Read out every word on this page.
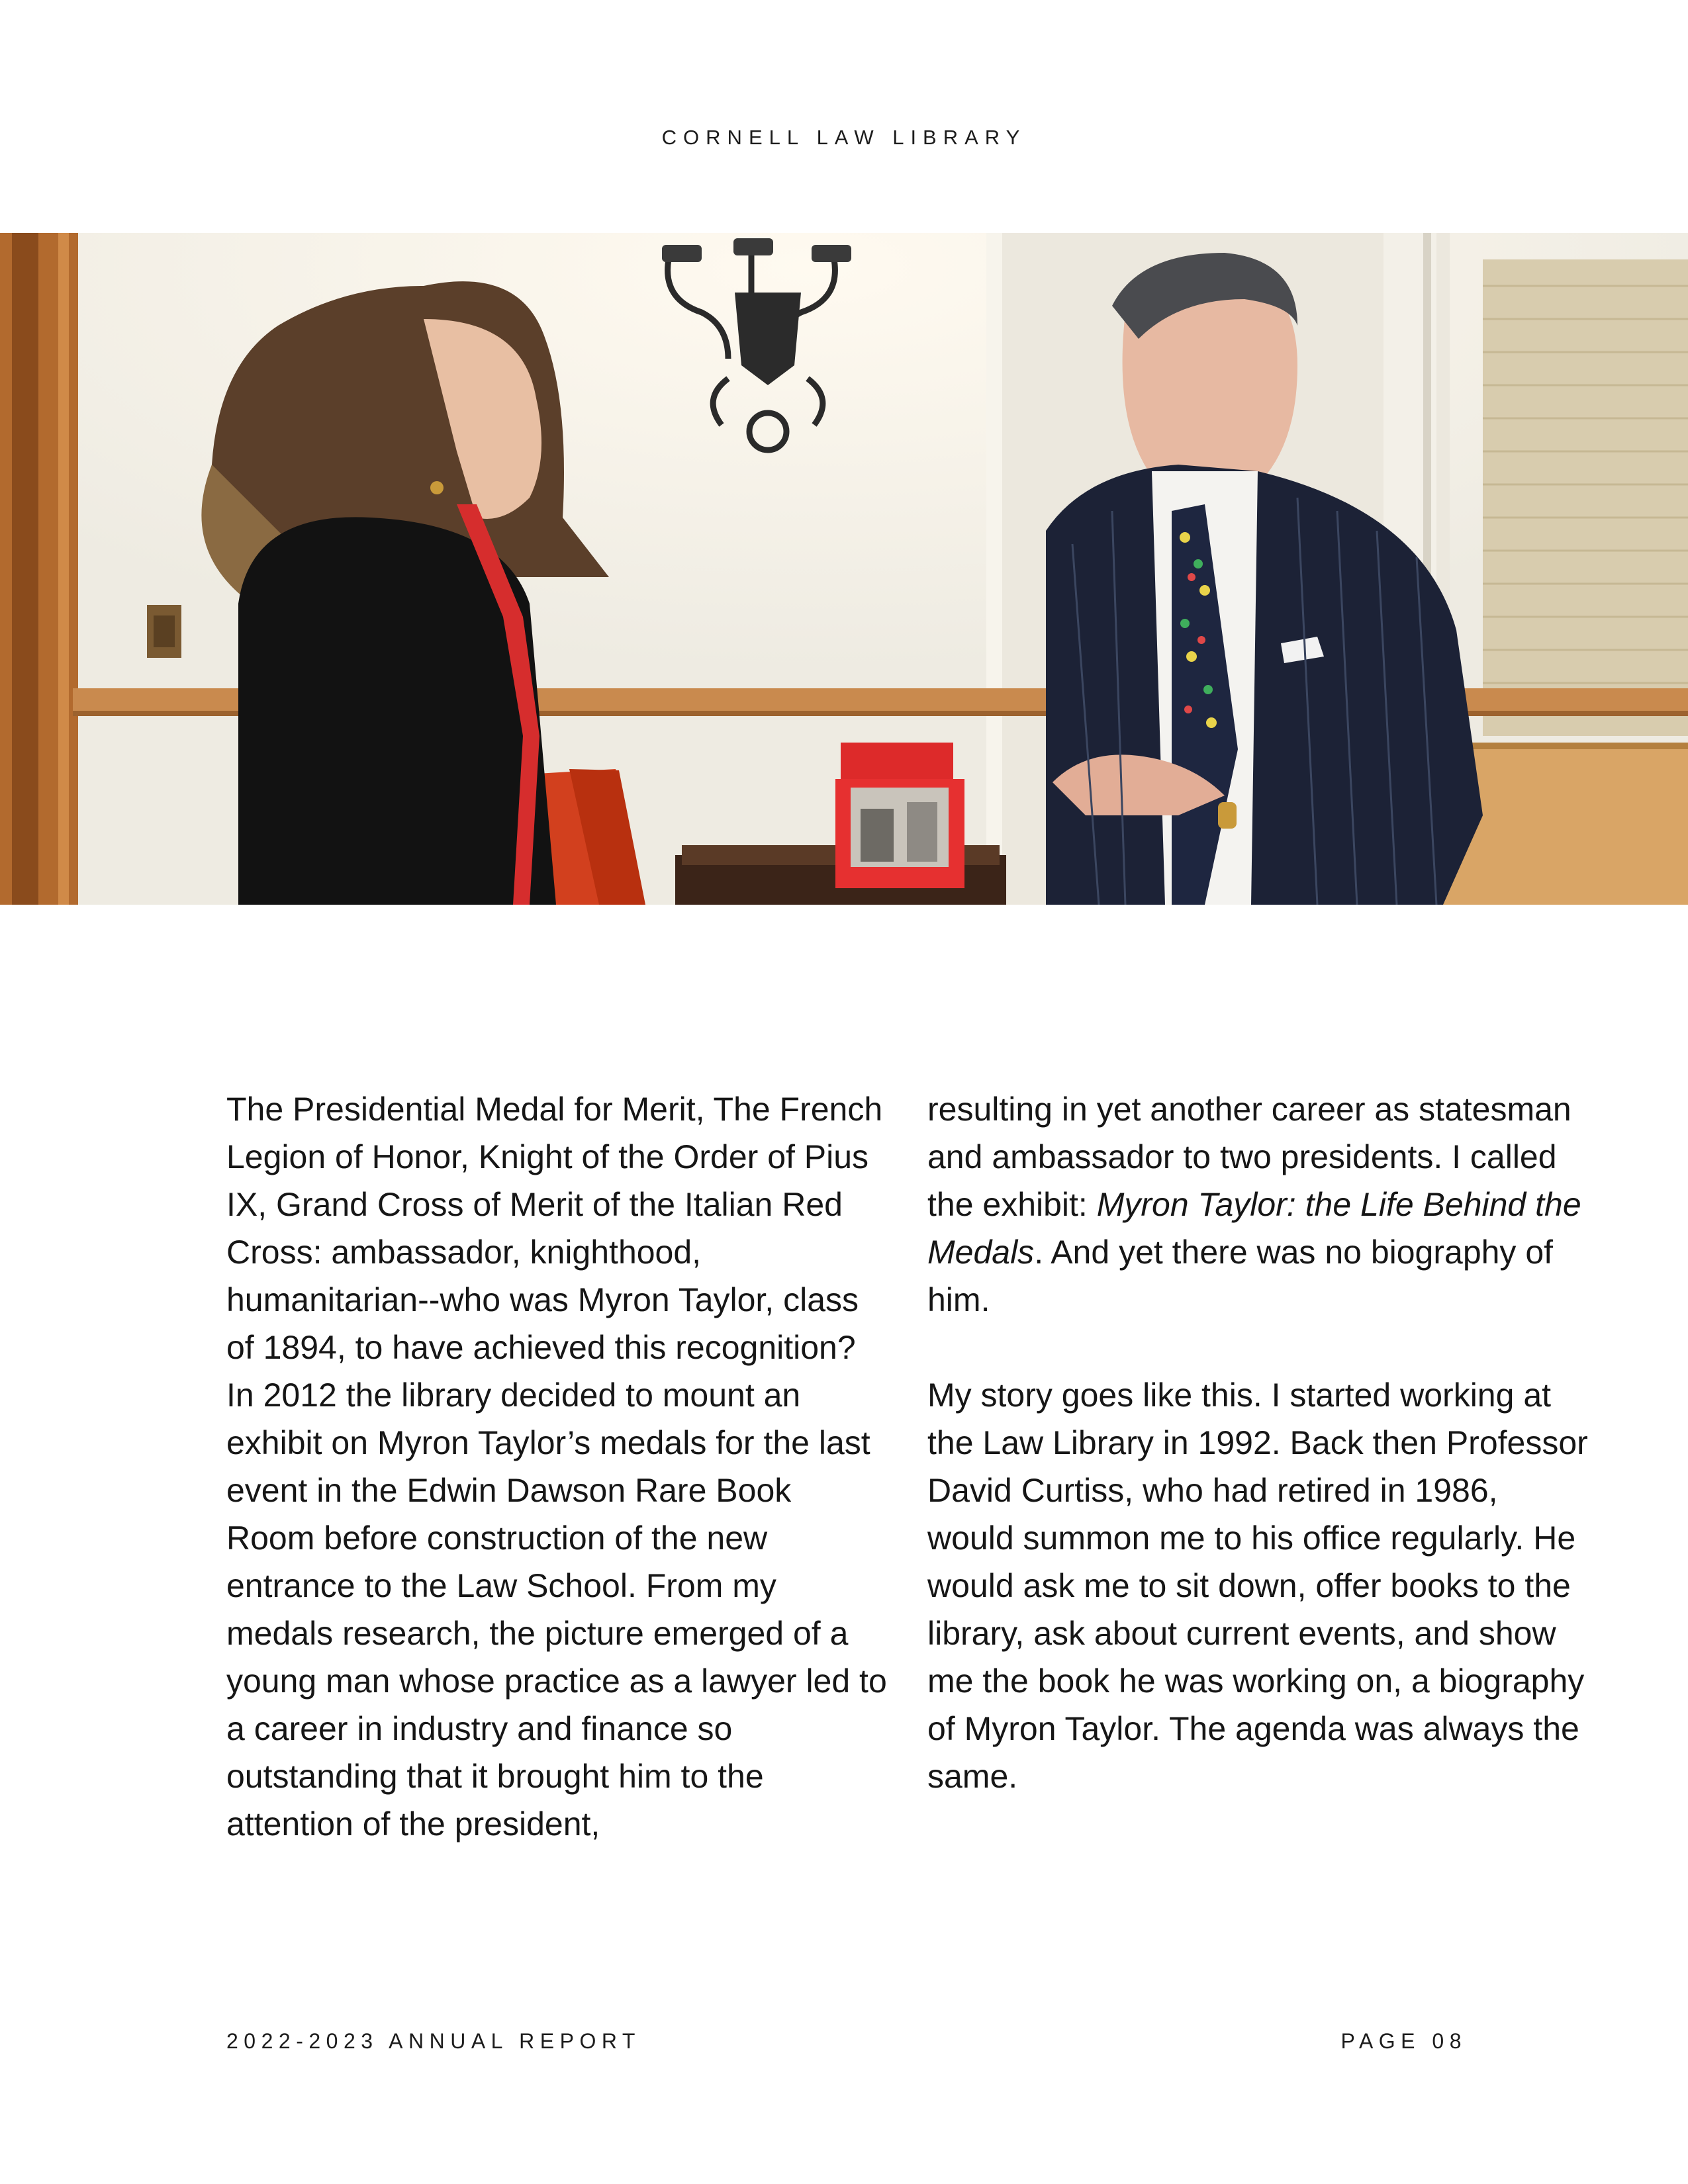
CORNELL LAW LIBRARY

The Presidential Medal for Merit, The French Legion of Honor, Knight of the Order of Pius IX, Grand Cross of Merit of the Italian Red Cross: ambassador, knighthood, humanitarian--who was Myron Taylor, class of 1894, to have achieved this recognition? In 2012 the library decided to mount an exhibit on Myron Taylor’s medals for the last event in the Edwin Dawson Rare Book Room before construction of the new entrance to the Law School. From my medals research, the picture emerged of a young man whose practice as a lawyer led to a career in industry and finance so outstanding that it brought him to the attention of the president,

resulting in yet another career as statesman and ambassador to two presidents. I called the exhibit: Myron Taylor: the Life Behind the Medals. And yet there was no biography of him.

My story goes like this. I started working at the Law Library in 1992. Back then Professor David Curtiss, who had retired in 1986, would summon me to his office regularly. He would ask me to sit down, offer books to the library, ask about current events, and show me the book he was working on, a biography of Myron Taylor. The agenda was always the same.

2022-2023 ANNUAL REPORT	PAGE 08
